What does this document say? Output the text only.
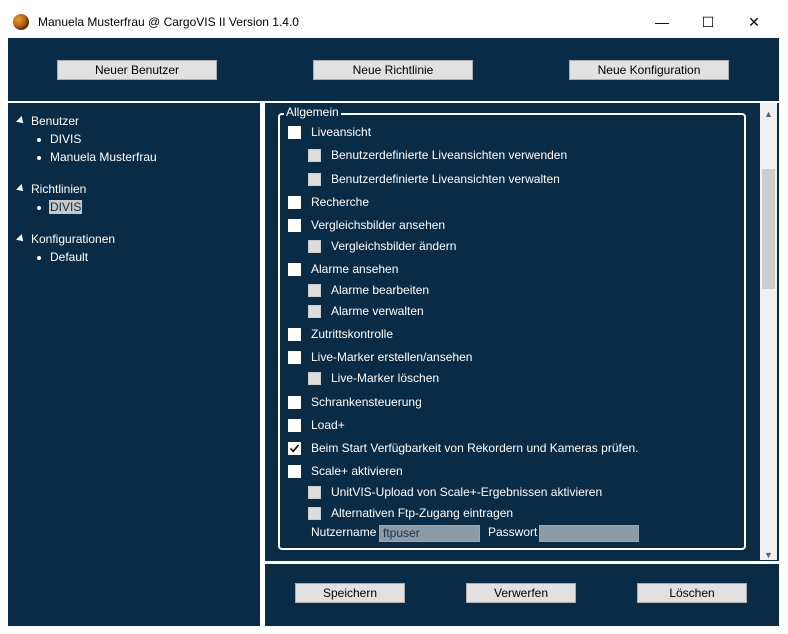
Manuela Musterfrau @ CargoVIS II Version 1.4.0	— ☐ ✕
Neuer Benutzer	Neue Richtlinie	Neue Konfiguration
Benutzer
DIVIS
Manuela Musterfrau
Richtlinien
DIVIS
Konfigurationen
Default
Allgemein
Liveansicht
Benutzerdefinierte Liveansichten verwenden
Benutzerdefinierte Liveansichten verwalten
Recherche
Vergleichsbilder ansehen
Vergleichsbilder ändern
Alarme ansehen
Alarme bearbeiten
Alarme verwalten
Zutrittskontrolle
Live-Marker erstellen/ansehen
Live-Marker löschen
Schrankensteuerung
Load+
Beim Start Verfügbarkeit von Rekordern und Kameras prüfen.
Scale+ aktivieren
UnitVIS-Upload von Scale+-Ergebnissen aktivieren
Alternativen Ftp-Zugang eintragen
Nutzername ftpuser	Passwort
▲
▼
Speichern	Verwerfen	Löschen
